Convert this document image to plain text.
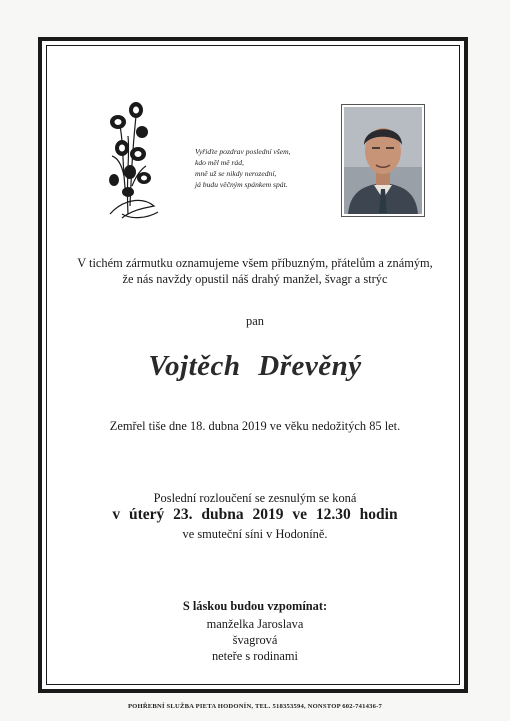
Vyřiďte pozdrav poslední všem,
kdo měl mě rád,
mně už se nikdy nerozední,
já budu věčným spánkem spát.
V tichém zármutku oznamujeme všem příbuzným, přátelům a známým,
že nás navždy opustil náš drahý manžel, švagr a strýc
pan
Vojtěch Dřevěný
Zemřel tiše dne 18. dubna 2019 ve věku nedožitých 85 let.
Poslední rozloučení se zesnulým se koná
v úterý 23. dubna 2019 ve 12.30 hodin
ve smuteční síni v Hodoníně.
S láskou budou vzpomínat:
manželka Jaroslava
švagrová
neteře s rodinami
POHŘEBNÍ SLUŽBA PIETA HODONÍN, TEL. 518353594, NONSTOP 602-741436-7
